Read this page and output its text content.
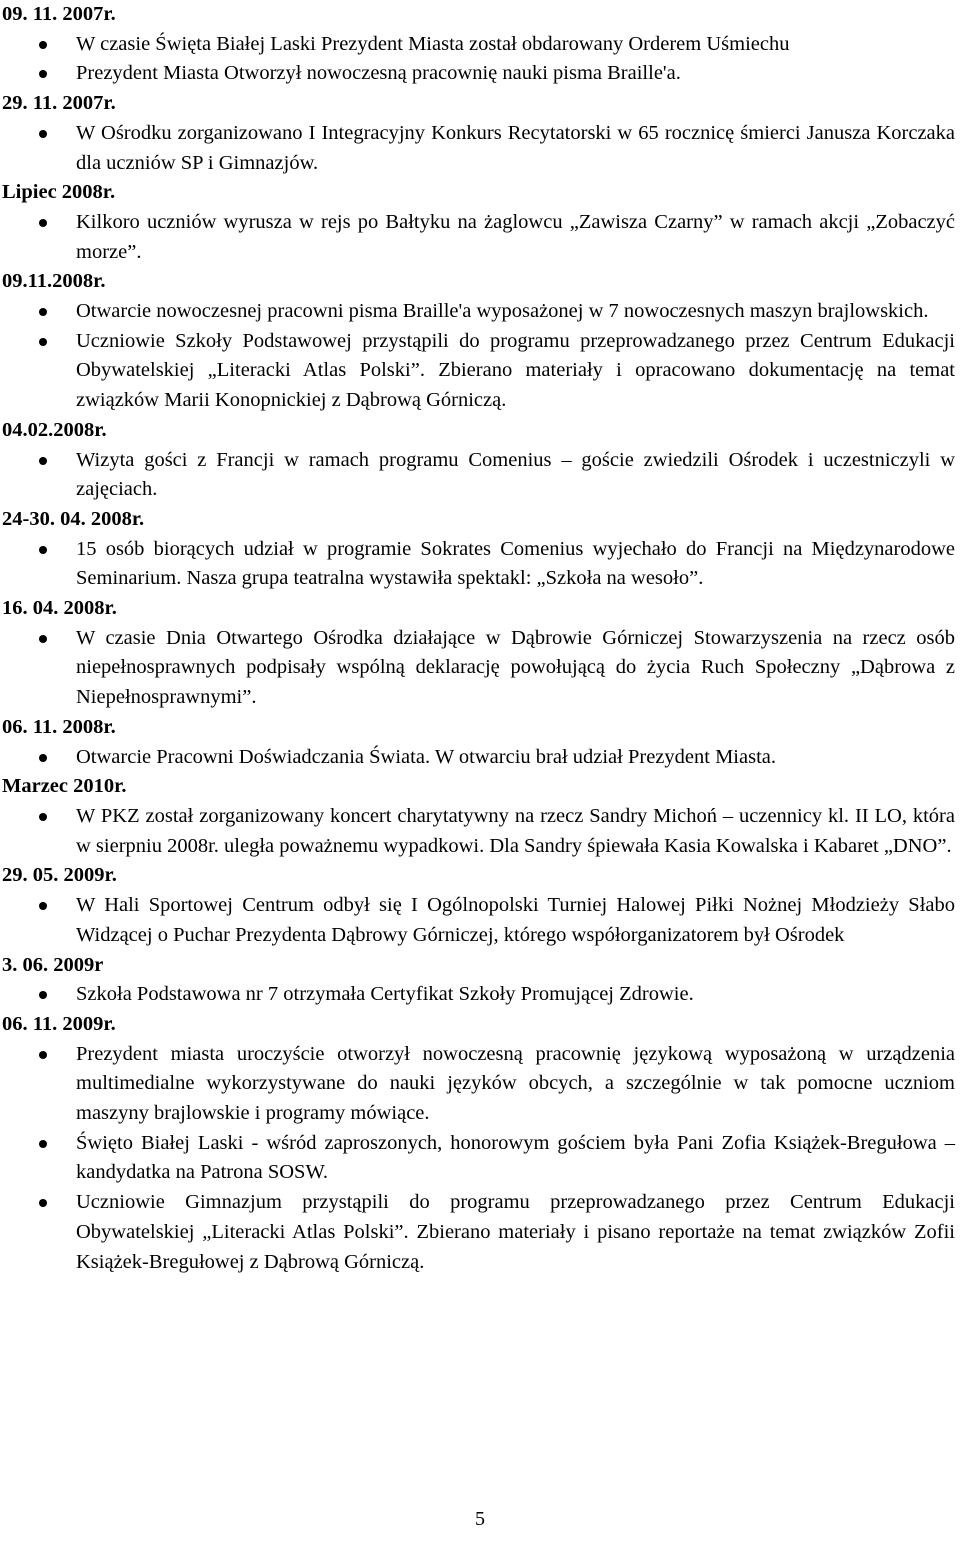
09. 11. 2007r.
W czasie Święta Białej Laski Prezydent Miasta został obdarowany Orderem Uśmiechu
Prezydent Miasta Otworzył nowoczesną pracownię nauki pisma Braille'a.
29. 11. 2007r.
W Ośrodku zorganizowano I Integracyjny Konkurs Recytatorski w 65 rocznicę śmierci Janusza Korczaka dla uczniów SP i Gimnazjów.
Lipiec 2008r.
Kilkoro uczniów wyrusza w rejs po Bałtyku na żaglowcu „Zawisza Czarny” w ramach akcji „Zobaczyć morze”.
09.11.2008r.
Otwarcie nowoczesnej pracowni pisma Braille'a wyposażonej w 7 nowoczesnych maszyn brajlowskich.
Uczniowie Szkoły Podstawowej przystąpili do programu przeprowadzanego przez Centrum Edukacji Obywatelskiej „Literacki Atlas Polski”. Zbierano materiały i opracowano dokumentację na temat związków Marii Konopnickiej z Dąbrową Górniczą.
04.02.2008r.
Wizyta gości z Francji w ramach programu Comenius – goście zwiedzili Ośrodek i uczestniczyli w zajęciach.
24-30. 04. 2008r.
15 osób biorących udział w programie Sokrates Comenius wyjechało do Francji na Międzynarodowe Seminarium. Nasza grupa teatralna wystawiła spektakl: „Szkoła na wesoło”.
16. 04. 2008r.
W czasie Dnia Otwartego Ośrodka działające w Dąbrowie Górniczej Stowarzyszenia na rzecz osób niepełnosprawnych podpisały wspólną deklarację powołującą do życia Ruch Społeczny „Dąbrowa z Niepełnosprawnymi”.
06. 11. 2008r.
Otwarcie Pracowni Doświadczania Świata. W otwarciu brał udział Prezydent Miasta.
Marzec 2010r.
W PKZ został zorganizowany koncert charytatywny na rzecz Sandry Michoń – uczennicy kl. II LO, która w sierpniu 2008r. uległa poważnemu wypadkowi. Dla Sandry śpiewała Kasia Kowalska i Kabaret „DNO”.
29. 05. 2009r.
W Hali Sportowej Centrum odbył się I Ogólnopolski Turniej Halowej Piłki Nożnej Młodzieży Słabo Widzącej o Puchar Prezydenta Dąbrowy Górniczej, którego współorganizatorem był Ośrodek
3. 06. 2009r
Szkoła Podstawowa nr 7 otrzymała Certyfikat Szkoły Promującej Zdrowie.
06. 11. 2009r.
Prezydent miasta uroczyście otworzył nowoczesną pracownię językową wyposażoną w urządzenia multimedialne wykorzystywane do nauki języków obcych, a szczególnie w tak pomocne uczniom maszyny brajlowskie i programy mówiące.
Święto Białej Laski - wśród zaproszonych, honorowym gościem była Pani Zofia Książek-Bregułowa – kandydatka na Patrona SOSW.
Uczniowie Gimnazjum przystąpili do programu przeprowadzanego przez Centrum Edukacji Obywatelskiej „Literacki Atlas Polski”. Zbierano materiały i pisano reportaże na temat związków Zofii Książek-Bregułowej z Dąbrową Górniczą.
5
